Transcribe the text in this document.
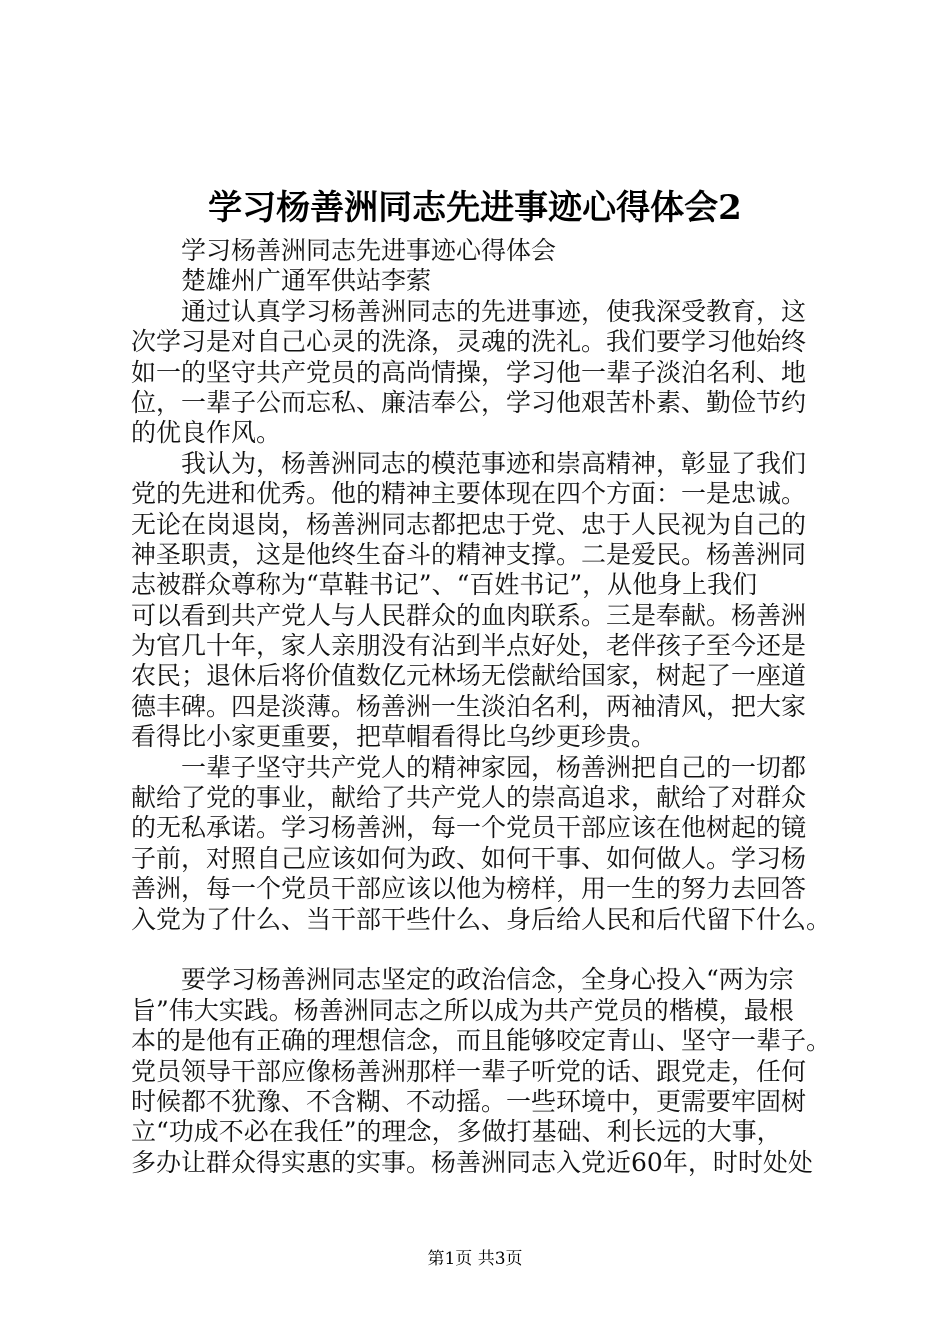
学习杨善洲同志先进事迹心得体会2
学习杨善洲同志先进事迹心得体会
楚雄州广通军供站李萦
通过认真学习杨善洲同志的先进事迹，使我深受教育，这
次学习是对自己心灵的洗涤，灵魂的洗礼。我们要学习他始终
如一的坚守共产党员的高尚情操，学习他一辈子淡泊名利、地
位，一辈子公而忘私、廉洁奉公，学习他艰苦朴素、勤俭节约
的优良作风。
我认为，杨善洲同志的模范事迹和崇高精神，彰显了我们
党的先进和优秀。他的精神主要体现在四个方面：一是忠诚。
无论在岗退岗，杨善洲同志都把忠于党、忠于人民视为自己的
神圣职责，这是他终生奋斗的精神支撑。二是爱民。杨善洲同
志被群众尊称为“草鞋书记”、“百姓书记”，从他身上我们
可以看到共产党人与人民群众的血肉联系。三是奉献。杨善洲
为官几十年，家人亲朋没有沾到半点好处，老伴孩子至今还是
农民；退休后将价值数亿元林场无偿献给国家，树起了一座道
德丰碑。四是淡薄。杨善洲一生淡泊名利，两袖清风，把大家
看得比小家更重要，把草帽看得比乌纱更珍贵。
一辈子坚守共产党人的精神家园，杨善洲把自己的一切都
献给了党的事业，献给了共产党人的崇高追求，献给了对群众
的无私承诺。学习杨善洲，每一个党员干部应该在他树起的镜
子前，对照自己应该如何为政、如何干事、如何做人。学习杨
善洲，每一个党员干部应该以他为榜样，用一生的努力去回答
入党为了什么、当干部干些什么、身后给人民和后代留下什么。
要学习杨善洲同志坚定的政治信念，全身心投入“两为宗
旨”伟大实践。杨善洲同志之所以成为共产党员的楷模，最根
本的是他有正确的理想信念，而且能够咬定青山、坚守一辈子。
党员领导干部应像杨善洲那样一辈子听党的话、跟党走，任何
时候都不犹豫、不含糊、不动摇。一些环境中，更需要牢固树
立“功成不必在我任”的理念，多做打基础、利长远的大事，
多办让群众得实惠的实事。杨善洲同志入党近60年，时时处处
第1页 共3页
